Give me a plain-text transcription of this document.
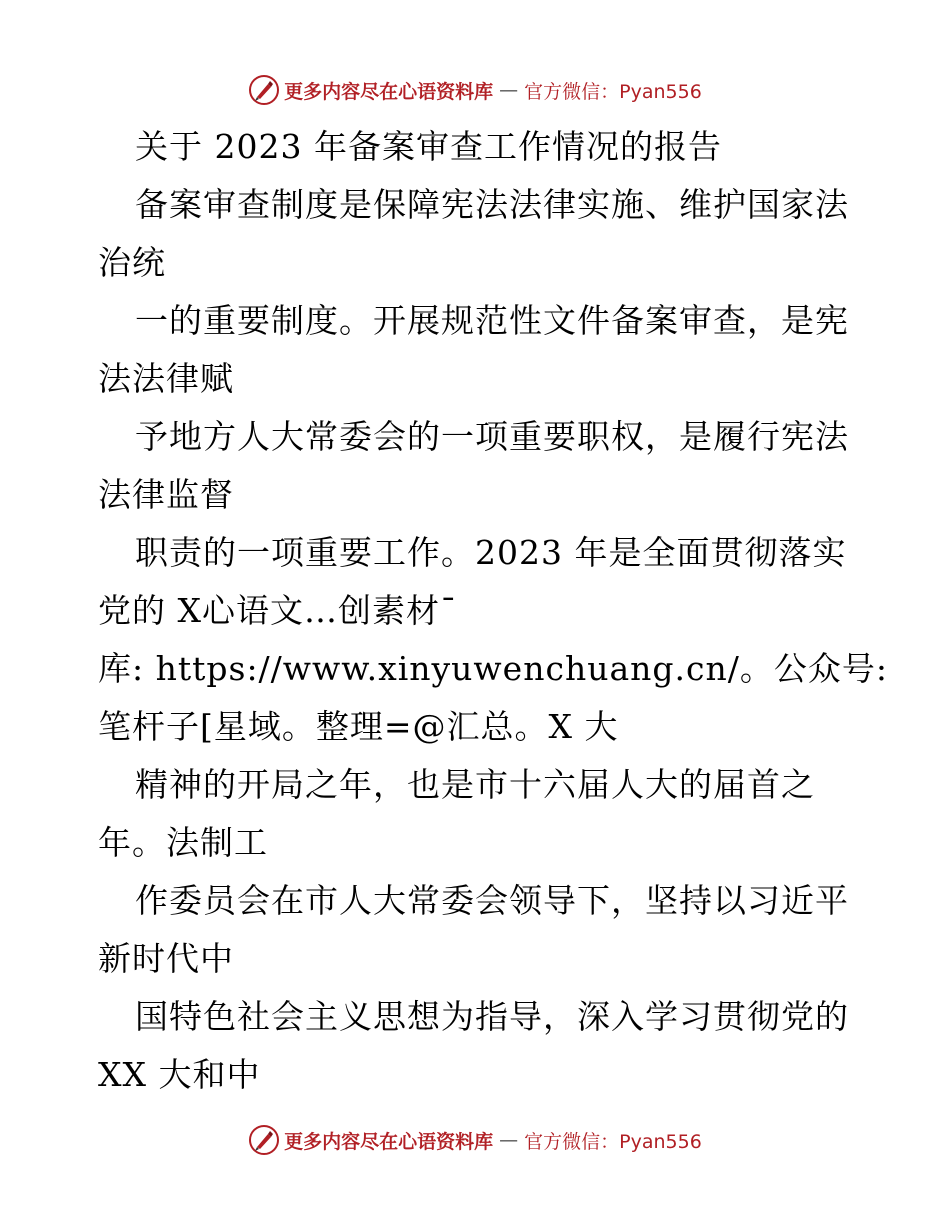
更多内容尽在心语资料库 — 官方微信：Pyan556
关于 2023 年备案审查工作情况的报告
备案审查制度是保障宪法法律实施、维护国家法
治统
一的重要制度。开展规范性文件备案审查，是宪
法法律赋
予地方人大常委会的一项重要职权，是履行宪法
法律监督
职责的一项重要工作。2023 年是全面贯彻落实
党的 X心语文…创素材¯
库: https://www.xinyuwenchuang.cn/。公众号:
笔杆子[星域。整理=@汇总。X 大
精神的开局之年，也是市十六届人大的届首之
年。法制工
作委员会在市人大常委会领导下，坚持以习近平
新时代中
国特色社会主义思想为指导，深入学习贯彻党的
XX 大和中
更多内容尽在心语资料库 — 官方微信：Pyan556
